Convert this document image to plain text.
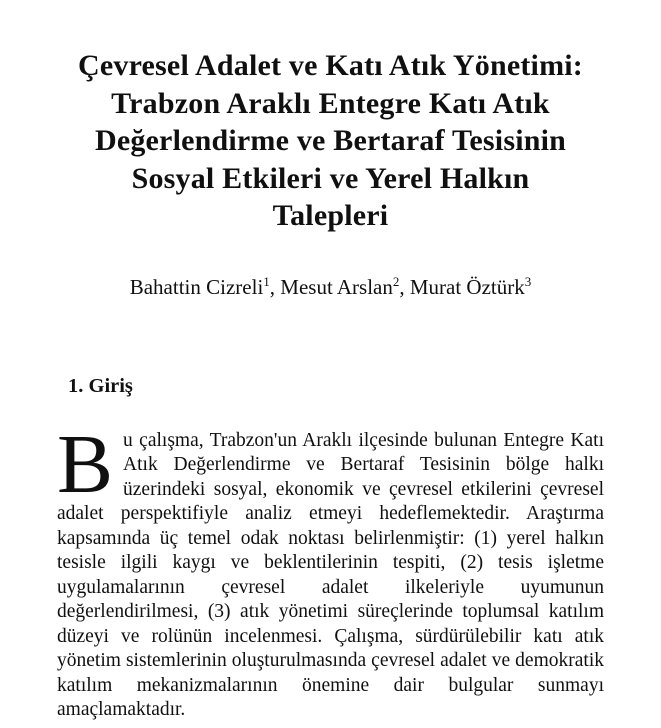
Çevresel Adalet ve Katı Atık Yönetimi:
Trabzon Araklı Entegre Katı Atık
Değerlendirme ve Bertaraf Tesisinin
Sosyal Etkileri ve Yerel Halkın
Talepleri
Bahattin Cizreli$^1$, Mesut Arslan$^2$, Murat Öztürk$^3$
1. Giriş

Bu çalışma, Trabzon'un Araklı ilçesinde bulunan Entegre Katı Atık Değerlendirme ve Bertaraf Tesisinin bölge halkı üzerindeki sosyal, ekonomik ve çevresel etkilerini çevresel adalet perspektifiyle analiz etmeyi hedeflemektedir. Araştırma kapsamında üç temel odak noktası belirlenmiştir: (1) yerel halkın tesisle ilgili kaygı ve beklentilerinin tespiti, (2) tesis işletme uygulamalarının çevresel adalet ilkeleriyle uyumunun değerlendirilmesi, (3) atık yönetimi süreçlerinde toplumsal katılım düzeyi ve rolünün incelenmesi. Çalışma, sürdürülebilir katı atık yönetim sistemlerinin oluşturulmasında çevresel adalet ve demokratik katılım mekanizmalarının önemine dair bulgular sunmayı amaçlamaktadır.
